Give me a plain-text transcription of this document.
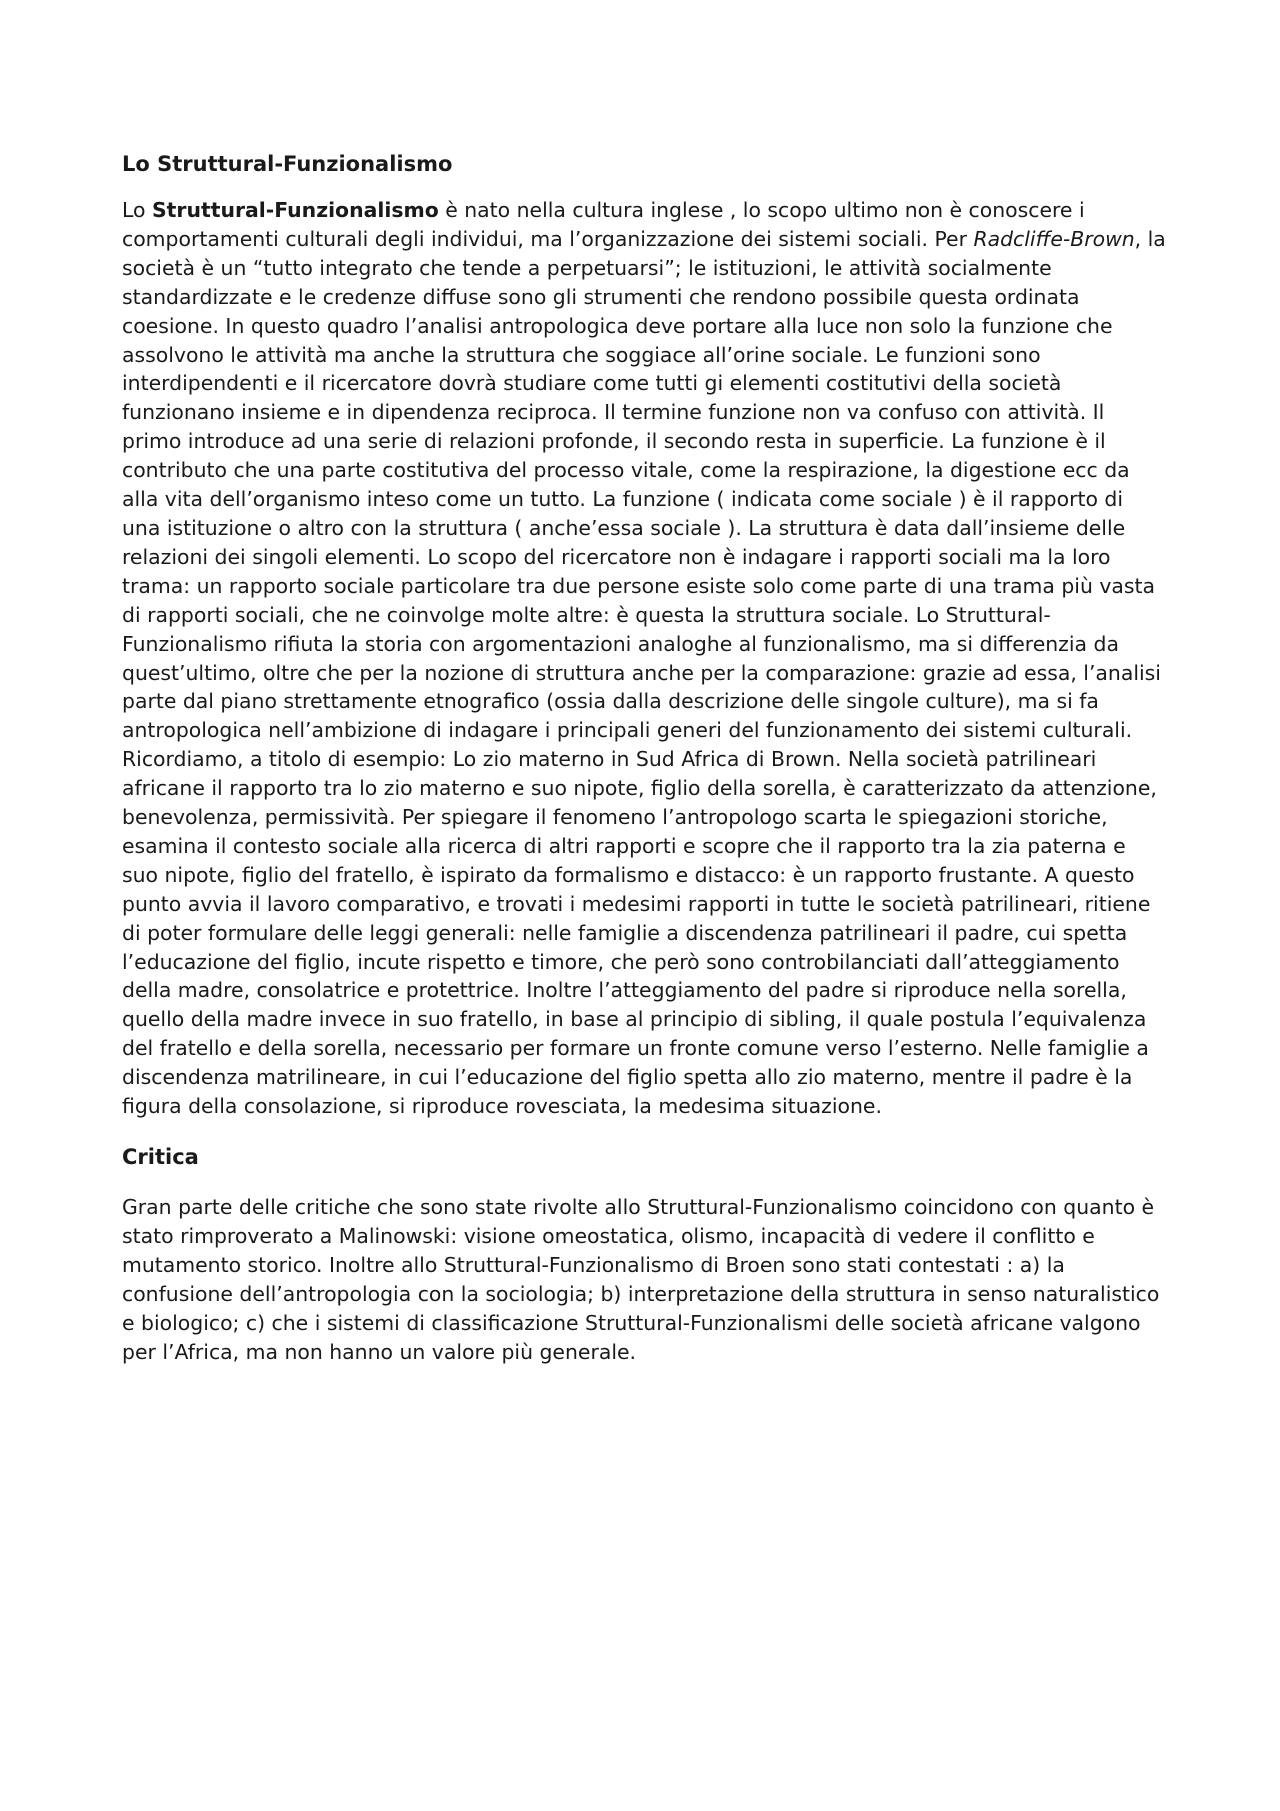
Lo Struttural-Funzionalismo

Lo Struttural-Funzionalismo è nato nella cultura inglese , lo scopo ultimo non è conoscere i comportamenti culturali degli individui, ma l’organizzazione dei sistemi sociali. Per Radcliffe-Brown, la società è un “tutto integrato che tende a perpetuarsi”; le istituzioni, le attività socialmente standardizzate e le credenze diffuse sono gli strumenti che rendono possibile questa ordinata coesione. In questo quadro l’analisi antropologica deve portare alla luce non solo la funzione che assolvono le attività ma anche la struttura che soggiace all’orine sociale. Le funzioni sono interdipendenti e il ricercatore dovrà studiare come tutti gi elementi costitutivi della società funzionano insieme e in dipendenza reciproca. Il termine funzione non va confuso con attività. Il primo introduce ad una serie di relazioni profonde, il secondo resta in superficie. La funzione è il contributo che una parte costitutiva del processo vitale, come la respirazione, la digestione ecc da alla vita dell’organismo inteso come un tutto. La funzione ( indicata come sociale ) è il rapporto di una istituzione o altro con la struttura ( anche’essa sociale ). La struttura è data dall’insieme delle relazioni dei singoli elementi. Lo scopo del ricercatore non è indagare i rapporti sociali ma la loro trama: un rapporto sociale particolare tra due persone esiste solo come parte di una trama più vasta di rapporti sociali, che ne coinvolge molte altre: è questa la struttura sociale. Lo Struttural-Funzionalismo rifiuta la storia con argomentazioni analoghe al funzionalismo, ma si differenzia da quest’ultimo, oltre che per la nozione di struttura anche per la comparazione: grazie ad essa, l’analisi parte dal piano strettamente etnografico (ossia dalla descrizione delle singole culture), ma si fa antropologica nell’ambizione di indagare i principali generi del funzionamento dei sistemi culturali. Ricordiamo, a titolo di esempio: Lo zio materno in Sud Africa di Brown. Nella società patrilineari africane il rapporto tra lo zio materno e suo nipote, figlio della sorella, è caratterizzato da attenzione, benevolenza, permissività. Per spiegare il fenomeno l’antropologo scarta le spiegazioni storiche, esamina il contesto sociale alla ricerca di altri rapporti e scopre che il rapporto tra la zia paterna e suo nipote, figlio del fratello, è ispirato da formalismo e distacco: è un rapporto frustante. A questo punto avvia il lavoro comparativo, e trovati i medesimi rapporti in tutte le società patrilineari, ritiene di poter formulare delle leggi generali: nelle famiglie a discendenza patrilineari il padre, cui spetta l’educazione del figlio, incute rispetto e timore, che però sono controbilanciati dall’atteggiamento della madre, consolatrice e protettrice. Inoltre l’atteggiamento del padre si riproduce nella sorella, quello della madre invece in suo fratello, in base al principio di sibling, il quale postula l’equivalenza del fratello e della sorella, necessario per formare un fronte comune verso l’esterno. Nelle famiglie a discendenza matrilineare, in cui l’educazione del figlio spetta allo zio materno, mentre il padre è la figura della consolazione, si riproduce rovesciata, la medesima situazione.

Critica

Gran parte delle critiche che sono state rivolte allo Struttural-Funzionalismo coincidono con quanto è stato rimproverato a Malinowski: visione omeostatica, olismo, incapacità di vedere il conflitto e mutamento storico. Inoltre allo Struttural-Funzionalismo di Broen sono stati contestati : a) la confusione dell’antropologia con la sociologia; b) interpretazione della struttura in senso naturalistico e biologico; c) che i sistemi di classificazione Struttural-Funzionalismi delle società africane valgono per l’Africa, ma non hanno un valore più generale.
